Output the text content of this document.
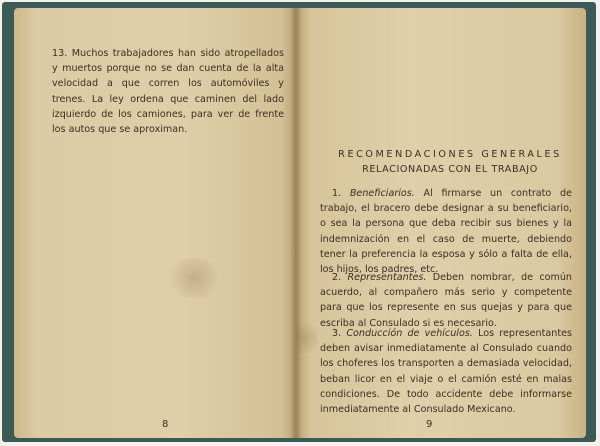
13. Muchos trabajadores han sido atropellados y muertos porque no se dan cuenta de la alta velocidad a que corren los automóviles y trenes. La ley ordena que caminen del lado izquierdo de los camiones, para ver de frente los autos que se aproximan.
8
RECOMENDACIONES GENERALES
RELACIONADAS CON EL TRABAJO
1. Beneficiarios. Al firmarse un contrato de trabajo, el bracero debe designar a su beneficiario, o sea la persona que deba recibir sus bienes y la indemnización en el caso de muerte, debiendo tener la preferencia la esposa y sólo a falta de ella, los hijos, los padres, etc.
2. Representantes. Deben nombrar, de común acuerdo, al compañero más serio y competente para que los represente en sus quejas y para que escriba al Consulado si es necesario.
3. Conducción de vehículos. Los representantes deben avisar inmediatamente al Consulado cuando los choferes los transporten a demasiada velocidad, beban licor en el viaje o el camión esté en malas condiciones. De todo accidente debe informarse inmediatamente al Consulado Mexicano.
9
